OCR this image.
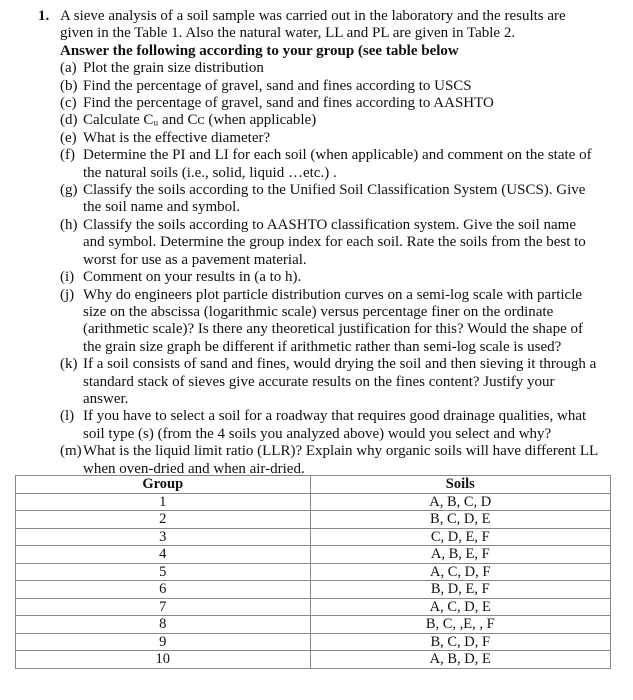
1. A sieve analysis of a soil sample was carried out in the laboratory and the results are
given in the Table 1. Also the natural water, LL and PL are given in Table 2.
Answer the following according to your group (see table below
(a) Plot the grain size distribution
(b) Find the percentage of gravel, sand and fines according to USCS
(c) Find the percentage of gravel, sand and fines according to AASHTO
(d) Calculate Cᵤ and Cᴄ (when applicable)
(e) What is the effective diameter?
(f) Determine the PI and LI for each soil (when applicable) and comment on the state of
the natural soils (i.e., solid, liquid …etc.) .
(g) Classify the soils according to the Unified Soil Classification System (USCS). Give
the soil name and symbol.
(h) Classify the soils according to AASHTO classification system. Give the soil name
and symbol. Determine the group index for each soil. Rate the soils from the best to
worst for use as a pavement material.
(i) Comment on your results in (a to h).
(j) Why do engineers plot particle distribution curves on a semi-log scale with particle
size on the abscissa (logarithmic scale) versus percentage finer on the ordinate
(arithmetic scale)? Is there any theoretical justification for this? Would the shape of
the grain size graph be different if arithmetic rather than semi-log scale is used?
(k) If a soil consists of sand and fines, would drying the soil and then sieving it through a
standard stack of sieves give accurate results on the fines content? Justify your
answer.
(l) If you have to select a soil for a roadway that requires good drainage qualities, what
soil type (s) (from the 4 soils you analyzed above) would you select and why?
(m) What is the liquid limit ratio (LLR)? Explain why organic soils will have different LL
when oven-dried and when air-dried.
Group	Soils
1	A, B, C, D
2	B, C, D, E
3	C, D, E, F
4	A, B, E, F
5	A, C, D, F
6	B, D, E, F
7	A, C, D, E
8	B, C, ,E, , F
9	B, C, D, F
10	A, B, D, E
